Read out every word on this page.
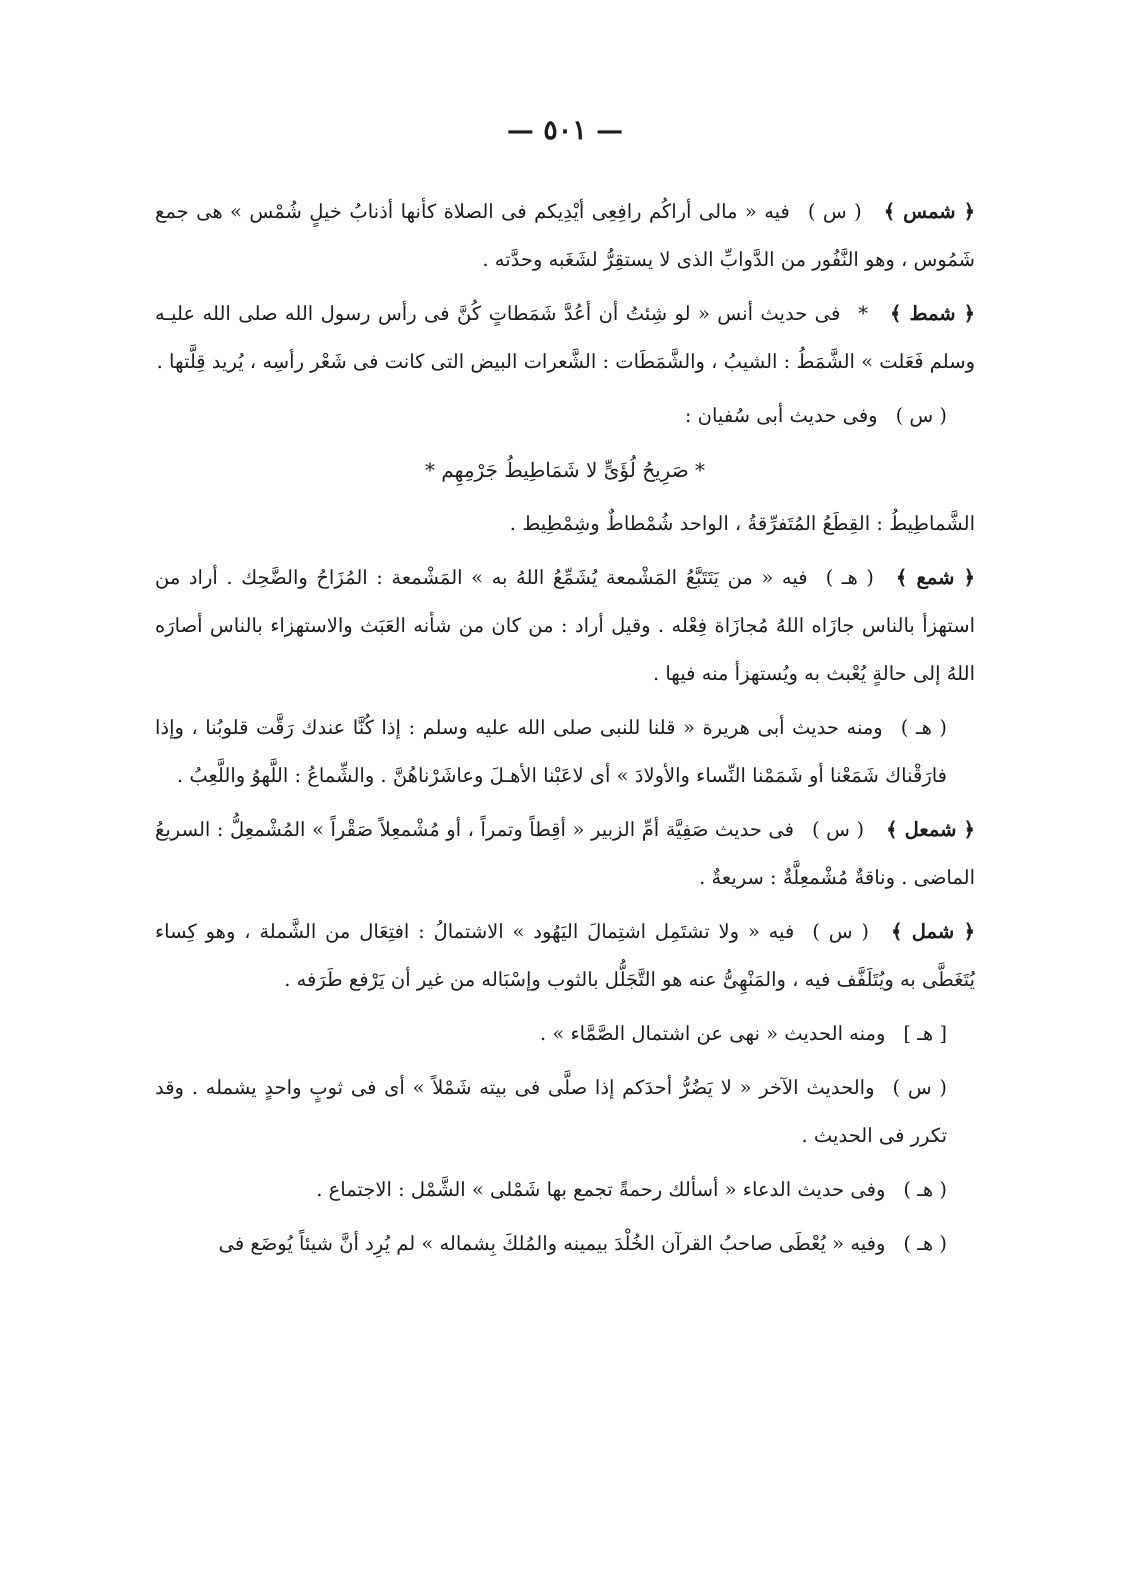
— ٥٠١ —

﴿ شمس ﴾( س )فيه « مالى أراكُم رافِعِى أيْدِيكم فى الصلاة كأنها أذنابُ خيلٍ شُمْس » هى جمع شَمُوس ، وهو النَّفُور من الدَّوابِّ الذى لا يستقِرُّ لشَغَبه وحدَّته .

﴿ شمط ﴾*فى حديث أنس « لو شِئتُ أن أعُدَّ شَمَطاتٍ كُنَّ فى رأس رسول الله صلى الله عليـه وسلم فَعَلت » الشَّمَطُ : الشيبُ ، والشَّمَطَات : الشَّعرات البيض التى كانت فى شَعْر رأسِه ، يُريد قِلَّتها .

( س )وفى حديث أبى سُفيان :

* صَرِيحُ لُؤَىٍّ لا شَمَاطِيطُ جَرْمِهِم *

الشَّماطِيطُ : القِطَعُ المُتَفرِّقةُ ، الواحد شُمْطاطٌ وشِمْطِيط .

﴿ شمع ﴾( هـ )فيه « من يَتَتَبَّعُ المَشْمعة يُشَمِّعُ اللهُ به » المَشْمعة : المُزَاحُ والضَّحِك . أراد من استهزأ بالناس جازَاه اللهُ مُجازَاة فِعْله . وقيل أراد : من كان من شأنه العَبَث والاستهزاء بالناس أصارَه اللهُ إلى حالةٍ يُعْبث به ويُستهزأ منه فيها .

( هـ )ومنه حديث أبى هريرة « قلنا للنبى صلى الله عليه وسلم : إذا كُنَّا عندك رَقَّت قلوبُنا ، وإذا فارَقْناك شَمَعْنا أو شَمَمْنا النِّساء والأولادَ » أى لاعَبْنا الأهـلَ وعاشَرْناهُنَّ . والشِّماعُ : اللَّهوُ واللَّعِبُ .

﴿ شمعل ﴾( س )فى حديث صَفِيَّة أمِّ الزبير « أقِطاً وتمراً ، أو مُشْمعِلاً صَقْراً » المُشْمعِلُّ : السريعُ الماضى . وناقةٌ مُشْمعِلَّةٌ : سريعةٌ .

﴿ شمل ﴾( س )فيه « ولا تشتَمِل اشتِمالَ اليَهُود » الاشتمالُ : افتِعَال من الشَّملة ، وهو كِساء يُتَغَطَّى به ويُتَلَفَّف فيه ، والمَنْهِىُّ عنه هو التَّجَلُّل بالثوب وإسْبَاله من غير أن يَرْفع طَرَفه .

[ هـ ]ومنه الحديث « نهى عن اشتمال الصَّمَّاء » .

( س )والحديث الآخر « لا يَضُرُّ أحدَكم إذا صلَّى فى بيته شَمْلاً » أى فى ثوبٍ واحدٍ يشمله . وقد تكرر فى الحديث .

( هـ )وفى حديث الدعاء « أسألك رحمةً تجمع بها شَمْلى » الشَّمْل : الاجتماع .

( هـ )وفيه « يُعْطَى صاحبُ القرآن الخُلْدَ بيمينه والمُلكَ بِشماله » لم يُرِد أنَّ شيئاً يُوضَع فى
